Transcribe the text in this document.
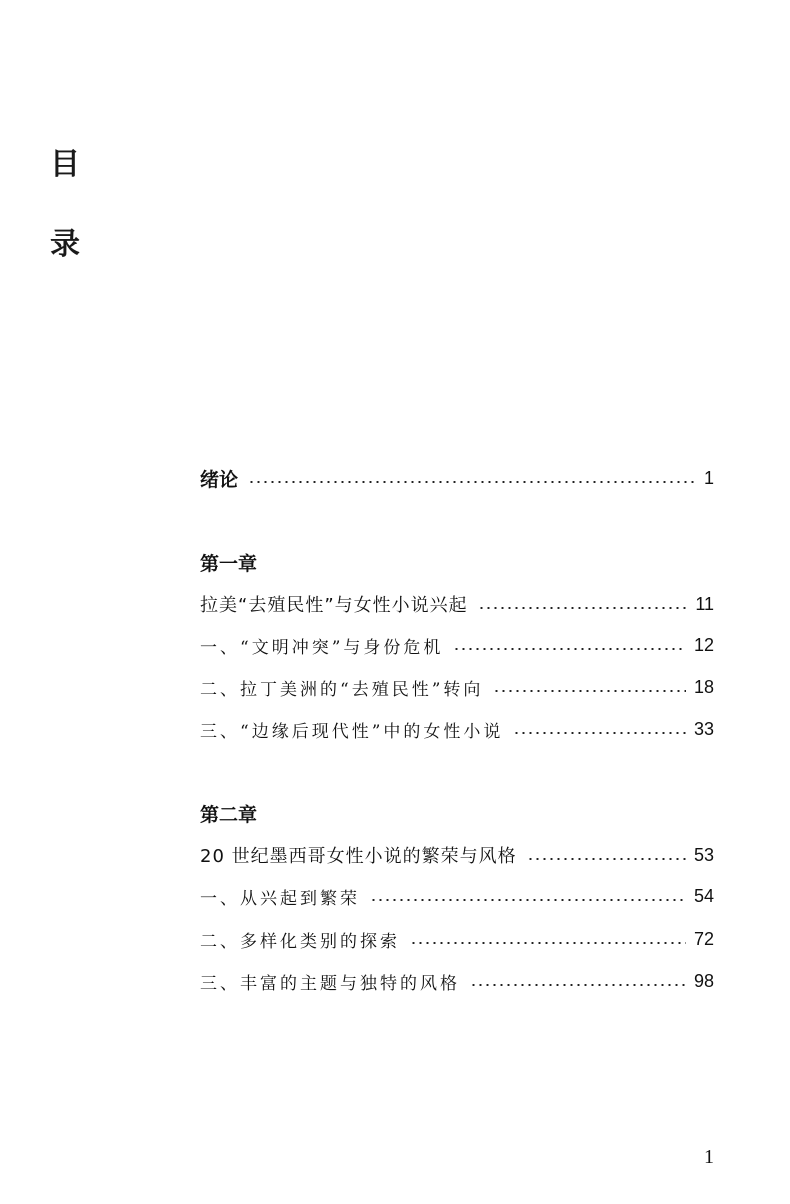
目
录
绪论	1
第一章
拉美“去殖民性”与女性小说兴起	11
一、“文明冲突”与身份危机	12
二、拉丁美洲的“去殖民性”转向	18
三、“边缘后现代性”中的女性小说	33
第二章
20 世纪墨西哥女性小说的繁荣与风格	53
一、从兴起到繁荣	54
二、多样化类别的探索	72
三、丰富的主题与独特的风格	98
1
